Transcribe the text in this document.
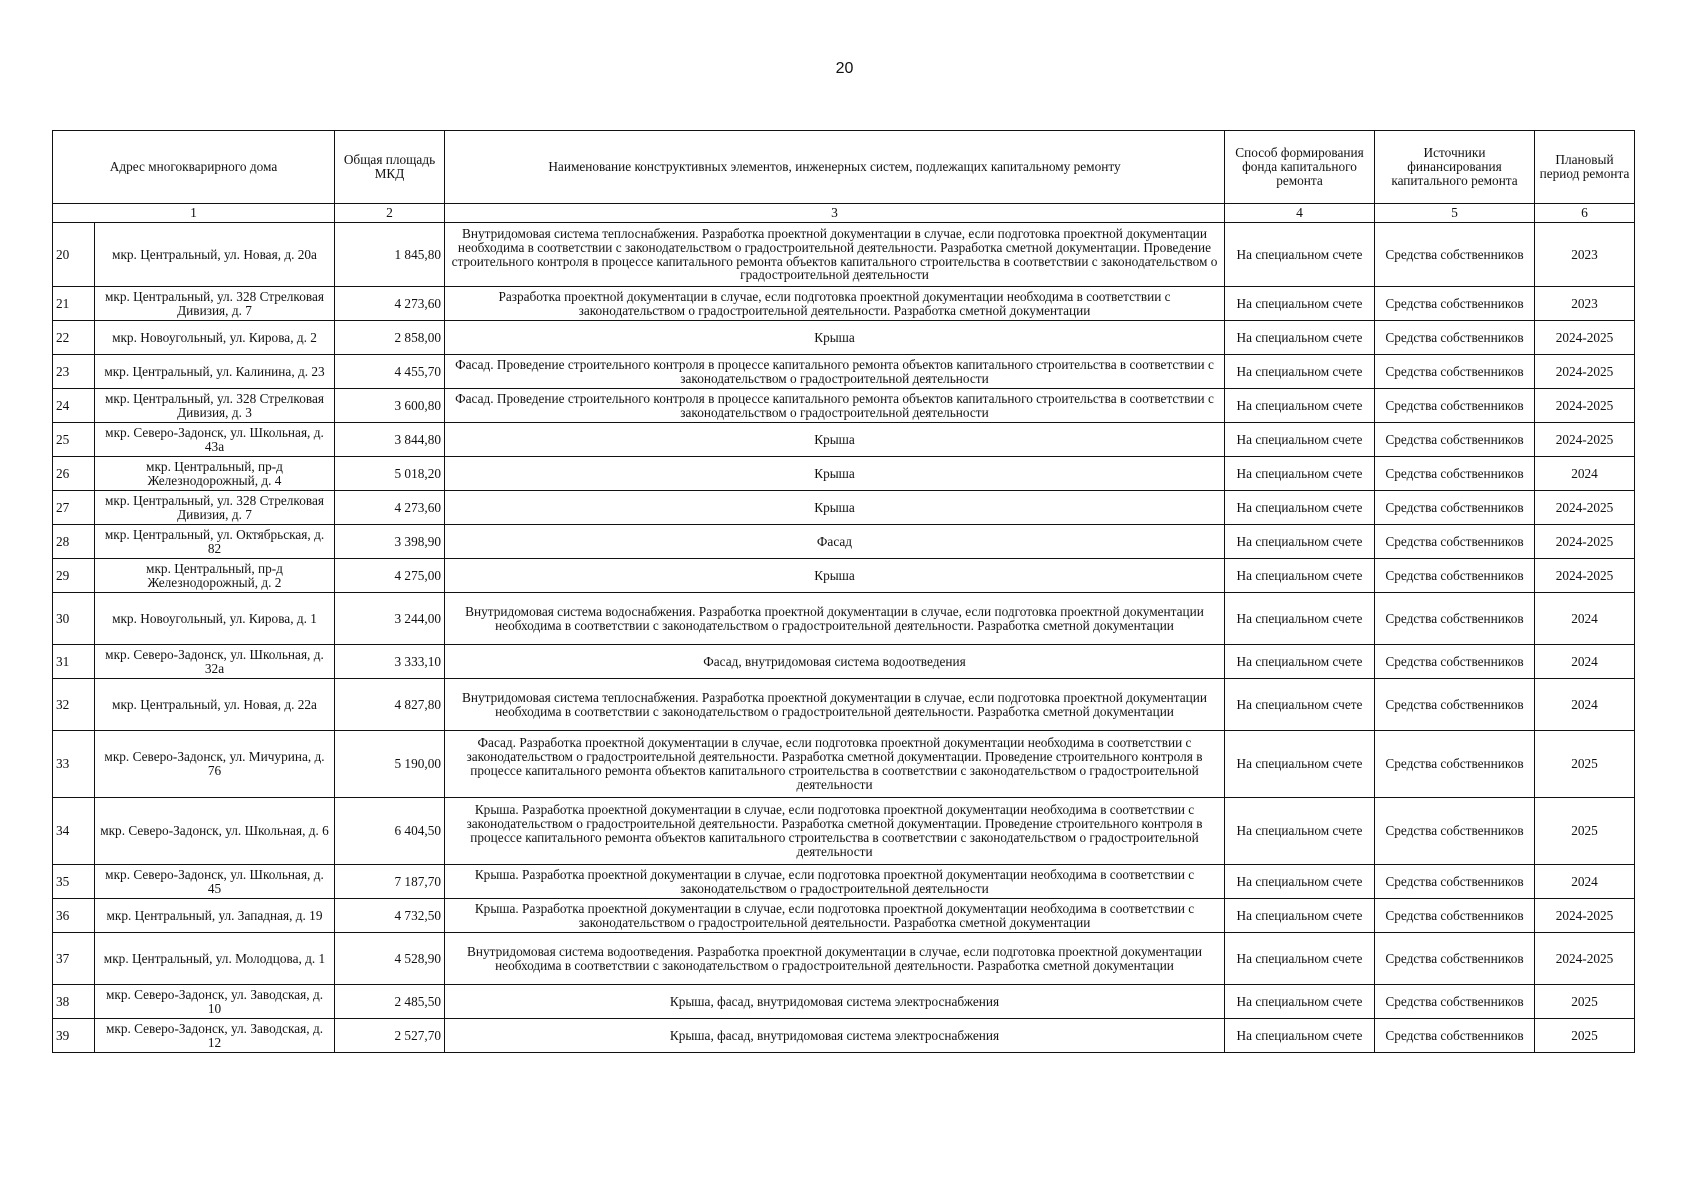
20
Адрес многокварирного дома		Общая площадь МКД	Наименование конструктивных элементов, инженерных систем, подлежащих капитальному ремонту	Способ формирования фонда капитального ремонта	Источники финансирования капитального ремонта	Плановый период ремонта
1		2	3	4	5	6
20	мкр. Центральный, ул. Новая, д. 20а	1 845,80	Внутридомовая система теплоснабжения. Разработка проектной документации в случае, если подготовка проектной документации необходима в соответствии с законодательством о градостроительной деятельности. Разработка сметной документации. Проведение строительного контроля в процессе капитального ремонта объектов капитального строительства в соответствии с законодательством о градостроительной деятельности	На специальном счете	Средства собственников	2023
21	мкр. Центральный, ул. 328 Стрелковая Дивизия, д. 7	4 273,60	Разработка проектной документации в случае, если подготовка проектной документации необходима в соответствии с законодательством о градостроительной деятельности. Разработка сметной документации	На специальном счете	Средства собственников	2023
22	мкр. Новоугольный, ул. Кирова, д. 2	2 858,00	Крыша	На специальном счете	Средства собственников	2024-2025
23	мкр. Центральный, ул. Калинина, д. 23	4 455,70	Фасад. Проведение строительного контроля в процессе капитального ремонта объектов капитального строительства в соответствии с законодательством о градостроительной деятельности	На специальном счете	Средства собственников	2024-2025
24	мкр. Центральный, ул. 328 Стрелковая Дивизия, д. 3	3 600,80	Фасад. Проведение строительного контроля в процессе капитального ремонта объектов капитального строительства в соответствии с законодательством о градостроительной деятельности	На специальном счете	Средства собственников	2024-2025
25	мкр. Северо-Задонск, ул. Школьная, д. 43а	3 844,80	Крыша	На специальном счете	Средства собственников	2024-2025
26	мкр. Центральный, пр-д Железнодорожный, д. 4	5 018,20	Крыша	На специальном счете	Средства собственников	2024
27	мкр. Центральный, ул. 328 Стрелковая Дивизия, д. 7	4 273,60	Крыша	На специальном счете	Средства собственников	2024-2025
28	мкр. Центральный, ул. Октябрьская, д. 82	3 398,90	Фасад	На специальном счете	Средства собственников	2024-2025
29	мкр. Центральный, пр-д Железнодорожный, д. 2	4 275,00	Крыша	На специальном счете	Средства собственников	2024-2025
30	мкр. Новоугольный, ул. Кирова, д. 1	3 244,00	Внутридомовая система водоснабжения. Разработка проектной документации в случае, если подготовка проектной документации необходима в соответствии с законодательством о градостроительной деятельности. Разработка сметной документации	На специальном счете	Средства собственников	2024
31	мкр. Северо-Задонск, ул. Школьная, д. 32а	3 333,10	Фасад, внутридомовая система водоотведения	На специальном счете	Средства собственников	2024
32	мкр. Центральный, ул. Новая, д. 22а	4 827,80	Внутридомовая система теплоснабжения. Разработка проектной документации в случае, если подготовка проектной документации необходима в соответствии с законодательством о градостроительной деятельности. Разработка сметной документации	На специальном счете	Средства собственников	2024
33	мкр. Северо-Задонск, ул. Мичурина, д. 76	5 190,00	Фасад. Разработка проектной документации в случае, если подготовка проектной документации необходима в соответствии с законодательством о градостроительной деятельности. Разработка сметной документации. Проведение строительного контроля в процессе капитального ремонта объектов капитального строительства в соответствии с законодательством о градостроительной деятельности	На специальном счете	Средства собственников	2025
34	мкр. Северо-Задонск, ул. Школьная, д. 6	6 404,50	Крыша. Разработка проектной документации в случае, если подготовка проектной документации необходима в соответствии с законодательством о градостроительной деятельности. Разработка сметной документации. Проведение строительного контроля в процессе капитального ремонта объектов капитального строительства в соответствии с законодательством о градостроительной деятельности	На специальном счете	Средства собственников	2025
35	мкр. Северо-Задонск, ул. Школьная, д. 45	7 187,70	Крыша. Разработка проектной документации в случае, если подготовка проектной документации необходима в соответствии с законодательством о градостроительной деятельности	На специальном счете	Средства собственников	2024
36	мкр. Центральный, ул. Западная, д. 19	4 732,50	Крыша. Разработка проектной документации в случае, если подготовка проектной документации необходима в соответствии с законодательством о градостроительной деятельности. Разработка сметной документации	На специальном счете	Средства собственников	2024-2025
37	мкр. Центральный, ул. Молодцова, д. 1	4 528,90	Внутридомовая система водоотведения. Разработка проектной документации в случае, если подготовка проектной документации необходима в соответствии с законодательством о градостроительной деятельности. Разработка сметной документации	На специальном счете	Средства собственников	2024-2025
38	мкр. Северо-Задонск, ул. Заводская, д. 10	2 485,50	Крыша, фасад, внутридомовая система электроснабжения	На специальном счете	Средства собственников	2025
39	мкр. Северо-Задонск, ул. Заводская, д. 12	2 527,70	Крыша, фасад, внутридомовая система электроснабжения	На специальном счете	Средства собственников	2025
